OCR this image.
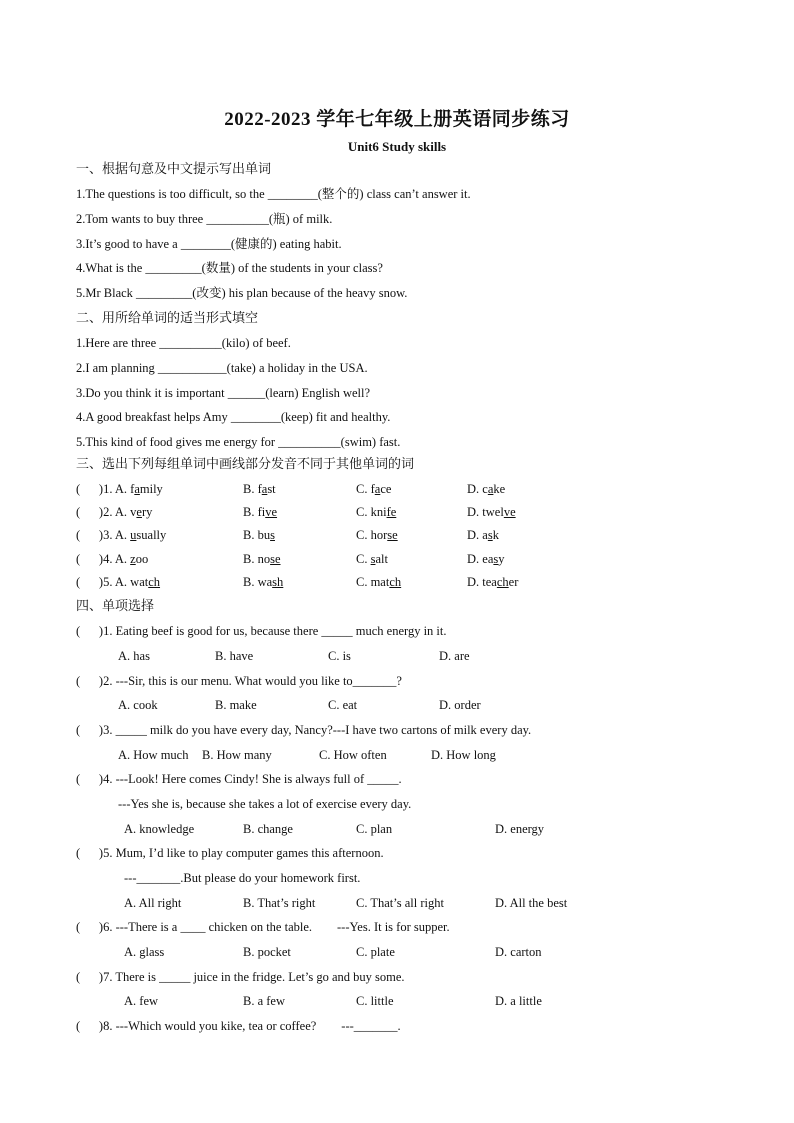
2022-2023 学年七年级上册英语同步练习
Unit6 Study skills
一、根据句意及中文提示写出单词
1.The questions is too difficult, so the ________(整个的) class can’t answer it.
2.Tom wants to buy three __________(瓶) of milk.
3.It’s good to have a ________(健康的) eating habit.
4.What is the _________(数量) of the students in your class?
5.Mr Black _________(改变) his plan because of the heavy snow.
二、用所给单词的适当形式填空
1.Here are three __________(kilo) of beef.
2.I am planning ___________(take) a holiday in the USA.
3.Do you think it is important ______(learn) English well?
4.A good breakfast helps Amy ________(keep) fit and healthy.
5.This kind of food gives me energy for __________(swim) fast.
三、选出下列每组单词中画线部分发音不同于其他单词的词
(      )1. A. family	B. fast	C. face	D. cake
(      )2. A. very	B. five	C. knife	D. twelve
(      )3. A. usually	B. bus	C. horse	D. ask
(      )4. A. zoo	B. nose	C. salt	D. easy
(      )5. A. watch	B. wash	C. match	D. teacher
四、单项选择
(      )1. Eating beef is good for us, because there _____ much energy in it.
A. has	B. have	C. is	D. are
(      )2. ---Sir, this is our menu. What would you like to_______?
A. cook	B. make	C. eat	D. order
(      )3. _____ milk do you have every day, Nancy?---I have two cartons of milk every day.
A. How much B. How many	C. How often	D. How long
(      )4. ---Look! Here comes Cindy! She is always full of _____.
---Yes she is, because she takes a lot of exercise every day.
A. knowledge	B. change	C. plan	D. energy
(      )5. Mum, I’d like to play computer games this afternoon.
---_______.But please do your homework first.
A. All right	B. That’s right	C. That’s all right	D. All the best
(      )6. ---There is a ____ chicken on the table.        ---Yes. It is for supper.
A. glass	B. pocket	C. plate	D. carton
(      )7. There is _____ juice in the fridge. Let’s go and buy some.
A. few	B. a few	C. little	D. a little
(      )8. ---Which would you kike, tea or coffee?        ---_______.
